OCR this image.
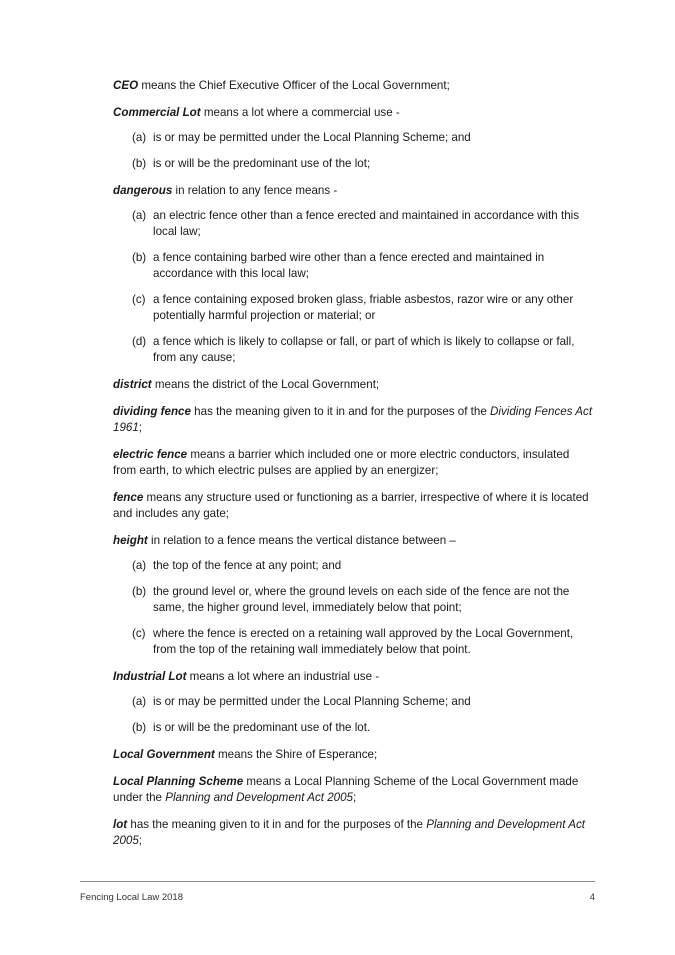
CEO means the Chief Executive Officer of the Local Government;

Commercial Lot means a lot where a commercial use -

(a) is or may be permitted under the Local Planning Scheme; and
(b) is or will be the predominant use of the lot;

dangerous in relation to any fence means -

(a) an electric fence other than a fence erected and maintained in accordance with this local law;
(b) a fence containing barbed wire other than a fence erected and maintained in accordance with this local law;
(c) a fence containing exposed broken glass, friable asbestos, razor wire or any other potentially harmful projection or material; or
(d) a fence which is likely to collapse or fall, or part of which is likely to collapse or fall, from any cause;

district means the district of the Local Government;

dividing fence has the meaning given to it in and for the purposes of the Dividing Fences Act 1961;

electric fence means a barrier which included one or more electric conductors, insulated from earth, to which electric pulses are applied by an energizer;

fence means any structure used or functioning as a barrier, irrespective of where it is located and includes any gate;

height in relation to a fence means the vertical distance between –

(a) the top of the fence at any point; and
(b) the ground level or, where the ground levels on each side of the fence are not the same, the higher ground level, immediately below that point;
(c) where the fence is erected on a retaining wall approved by the Local Government, from the top of the retaining wall immediately below that point.

Industrial Lot means a lot where an industrial use -

(a) is or may be permitted under the Local Planning Scheme; and
(b) is or will be the predominant use of the lot.

Local Government means the Shire of Esperance;

Local Planning Scheme means a Local Planning Scheme of the Local Government made under the Planning and Development Act 2005;

lot has the meaning given to it in and for the purposes of the Planning and Development Act 2005;

Fencing Local Law 2018	4
